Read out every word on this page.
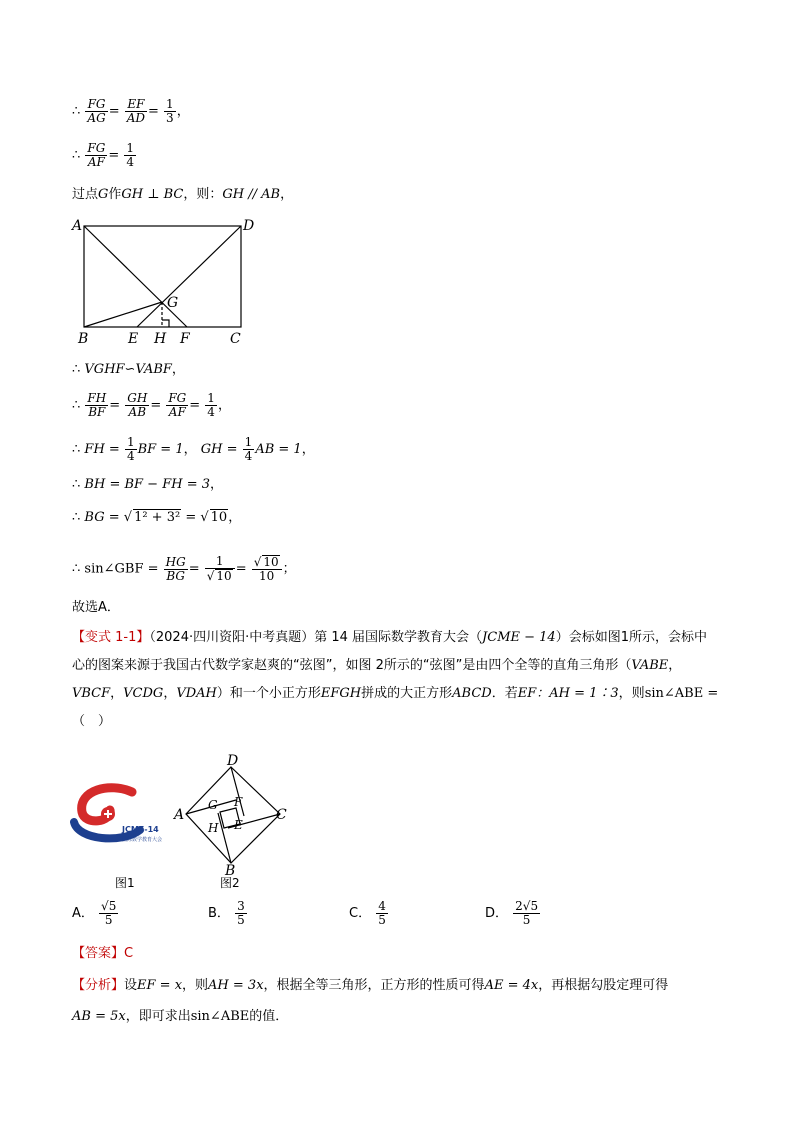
∴ $\frac{FG}{AG} = \frac{EF}{AD} = \frac{1}{3}$ ，
∴ $\frac{FG}{AF} = \frac{1}{4}$
过点G作GH ⊥ BC，则：GH // AB，
A	D
G
B	E H F	C
∴ VGHF∽VABF，
∴ $\frac{FH}{BF} = \frac{GH}{AB} = \frac{FG}{AF} = \frac{1}{4}$ ，
∴ FH = $\frac{1}{4}$ BF = 1， GH = $\frac{1}{4}$ AB = 1，
∴ BH = BF − FH = 3，
∴ BG = √ 1² + 3² = √ 10，
∴ sin∠GBF = $\frac{HG}{BG} = \frac{1}{√ 10} = \frac{√ 10}{10}$ ；
故选A．
【变式 1-1】（2024·四川资阳·中考真题）第 14 届国际数学教育大会（JCME − 14）会标如图1所示，会标中
心的图案来源于我国古代数学家赵爽的“弦图”，如图 2所示的“弦图”是由四个全等的直角三角形（VABE，
VBCF，VCDG，VDAH）和一个小正方形EFGH拼成的大正方形ABCD．若EF：AH = 1∶3，则sin∠ABE =
（　）
JCME-14
国际数学教育大会
D
A	C
B
G F
H E
图1	图2
A． $\frac{√5}{5}$	B． $\frac{3}{5}$	C． $\frac{4}{5}$	D． $\frac{2√5}{5}$
【答案】C
【分析】设EF = x，则AH = 3x，根据全等三角形，正方形的性质可得AE = 4x，再根据勾股定理可得
AB = 5x，即可求出sin∠ABE的值．
